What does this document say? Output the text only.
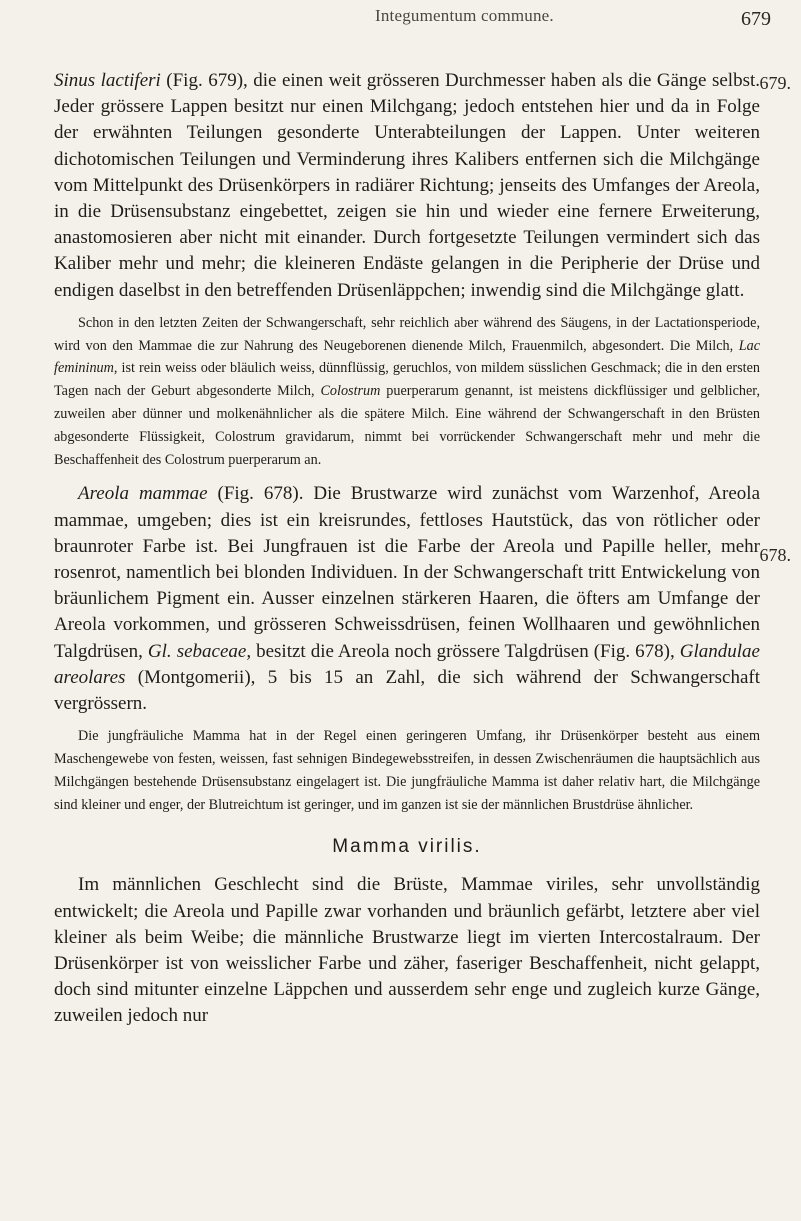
Integumentum commune.	679
679.
678.

Sinus lactiferi (Fig. 679), die einen weit grösseren Durchmesser haben als die Gänge selbst. Jeder grössere Lappen besitzt nur einen Milchgang; jedoch entstehen hier und da in Folge der erwähnten Teilungen gesonderte Unterabteilungen der Lappen. Unter weiteren dichotomischen Teilungen und Verminderung ihres Kalibers entfernen sich die Milchgänge vom Mittelpunkt des Drüsenkörpers in radiärer Richtung; jenseits des Umfanges der Areola, in die Drüsensubstanz eingebettet, zeigen sie hin und wieder eine fernere Erweiterung, anastomosieren aber nicht mit einander. Durch fortgesetzte Teilungen vermindert sich das Kaliber mehr und mehr; die kleineren Endäste gelangen in die Peripherie der Drüse und endigen daselbst in den betreffenden Drüsenläppchen; inwendig sind die Milchgänge glatt.

Schon in den letzten Zeiten der Schwangerschaft, sehr reichlich aber während des Säugens, in der Lactationsperiode, wird von den Mammae die zur Nahrung des Neugeborenen dienende Milch, Frauenmilch, abgesondert. Die Milch, Lac femininum, ist rein weiss oder bläulich weiss, dünnflüssig, geruchlos, von mildem süsslichen Geschmack; die in den ersten Tagen nach der Geburt abgesonderte Milch, Colostrum puerperarum genannt, ist meistens dickflüssiger und gelblicher, zuweilen aber dünner und molkenähnlicher als die spätere Milch. Eine während der Schwangerschaft in den Brüsten abgesonderte Flüssigkeit, Colostrum gravidarum, nimmt bei vorrückender Schwangerschaft mehr und mehr die Beschaffenheit des Colostrum puerperarum an.

Areola mammae (Fig. 678). Die Brustwarze wird zunächst vom Warzenhof, Areola mammae, umgeben; dies ist ein kreisrundes, fettloses Hautstück, das von rötlicher oder braunroter Farbe ist. Bei Jungfrauen ist die Farbe der Areola und Papille heller, mehr rosenrot, namentlich bei blonden Individuen. In der Schwangerschaft tritt Entwickelung von bräunlichem Pigment ein. Ausser einzelnen stärkeren Haaren, die öfters am Umfange der Areola vorkommen, und grösseren Schweissdrüsen, feinen Wollhaaren und gewöhnlichen Talgdrüsen, Gl. sebaceae, besitzt die Areola noch grössere Talgdrüsen (Fig. 678), Glandulae areolares (Montgomerii), 5 bis 15 an Zahl, die sich während der Schwangerschaft vergrössern.

Die jungfräuliche Mamma hat in der Regel einen geringeren Umfang, ihr Drüsenkörper besteht aus einem Maschengewebe von festen, weissen, fast sehnigen Bindegewebsstreifen, in dessen Zwischenräumen die hauptsächlich aus Milchgängen bestehende Drüsensubstanz eingelagert ist. Die jungfräuliche Mamma ist daher relativ hart, die Milchgänge sind kleiner und enger, der Blutreichtum ist geringer, und im ganzen ist sie der männlichen Brustdrüse ähnlicher.

Mamma virilis.

Im männlichen Geschlecht sind die Brüste, Mammae viriles, sehr unvollständig entwickelt; die Areola und Papille zwar vorhanden und bräunlich gefärbt, letztere aber viel kleiner als beim Weibe; die männliche Brustwarze liegt im vierten Intercostalraum. Der Drüsenkörper ist von weisslicher Farbe und zäher, faseriger Beschaffenheit, nicht gelappt, doch sind mitunter einzelne Läppchen und ausserdem sehr enge und zugleich kurze Gänge, zuweilen jedoch nur
